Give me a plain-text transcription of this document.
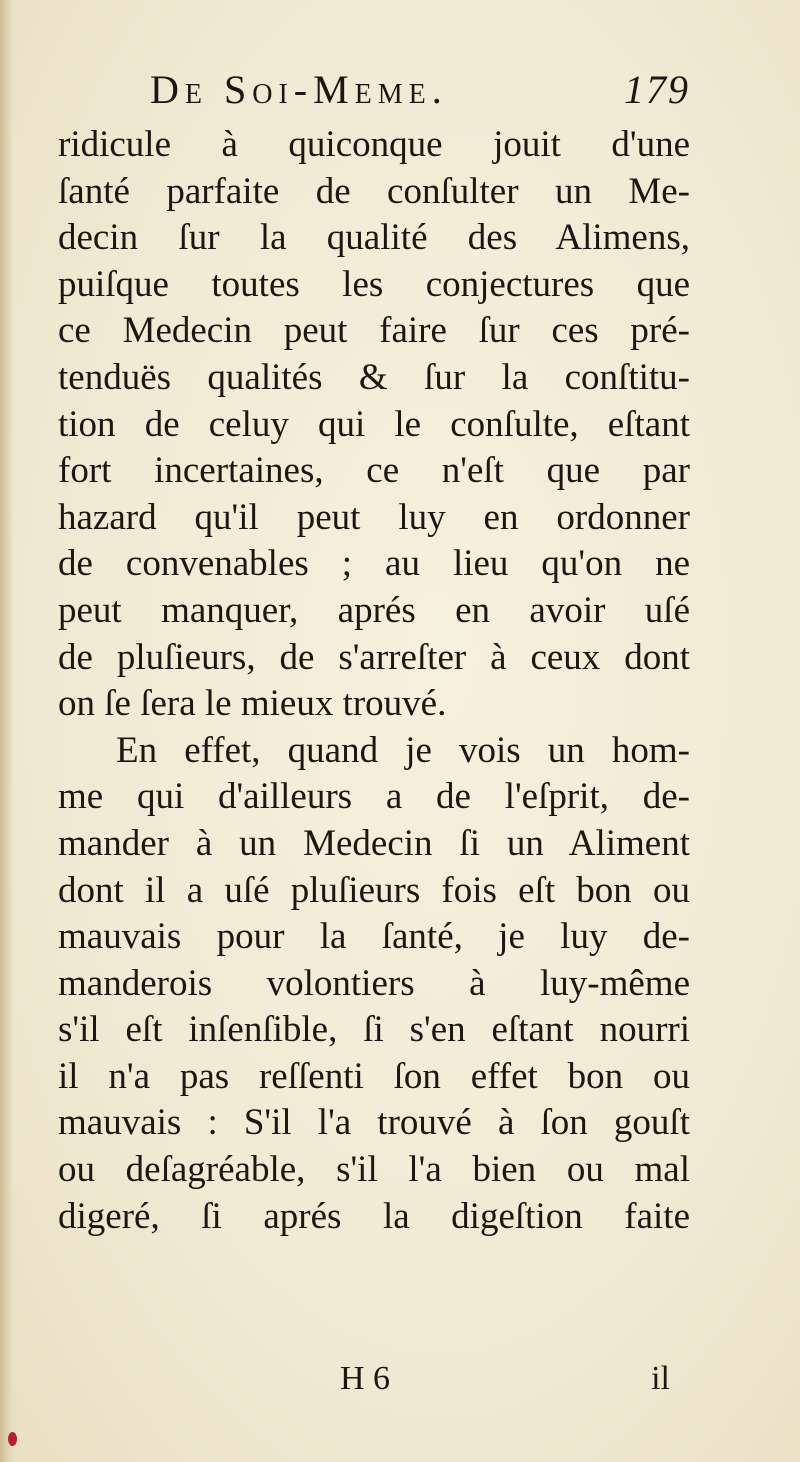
De Soi-Meme.	179
ridicule à quiconque jouit d'une
ſanté parfaite de conſulter un Me-
decin ſur la qualité des Alimens,
puiſque toutes les conjectures que
ce Medecin peut faire ſur ces pré-
tenduës qualités & ſur la conſtitu-
tion de celuy qui le conſulte, eſtant
fort incertaines, ce n'eſt que par
hazard qu'il peut luy en ordonner
de convenables ; au lieu qu'on ne
peut manquer, aprés en avoir uſé
de pluſieurs, de s'arreſter à ceux dont
on ſe ſera le mieux trouvé.
En effet, quand je vois un hom-
me qui d'ailleurs a de l'eſprit, de-
mander à un Medecin ſi un Aliment
dont il a uſé pluſieurs fois eſt bon ou
mauvais pour la ſanté, je luy de-
manderois volontiers à luy-même
s'il eſt inſenſible, ſi s'en eſtant nourri
il n'a pas reſſenti ſon effet bon ou
mauvais : S'il l'a trouvé à ſon gouſt
ou deſagréable, s'il l'a bien ou mal
digeré, ſi aprés la digeſtion faite
H 6	il
